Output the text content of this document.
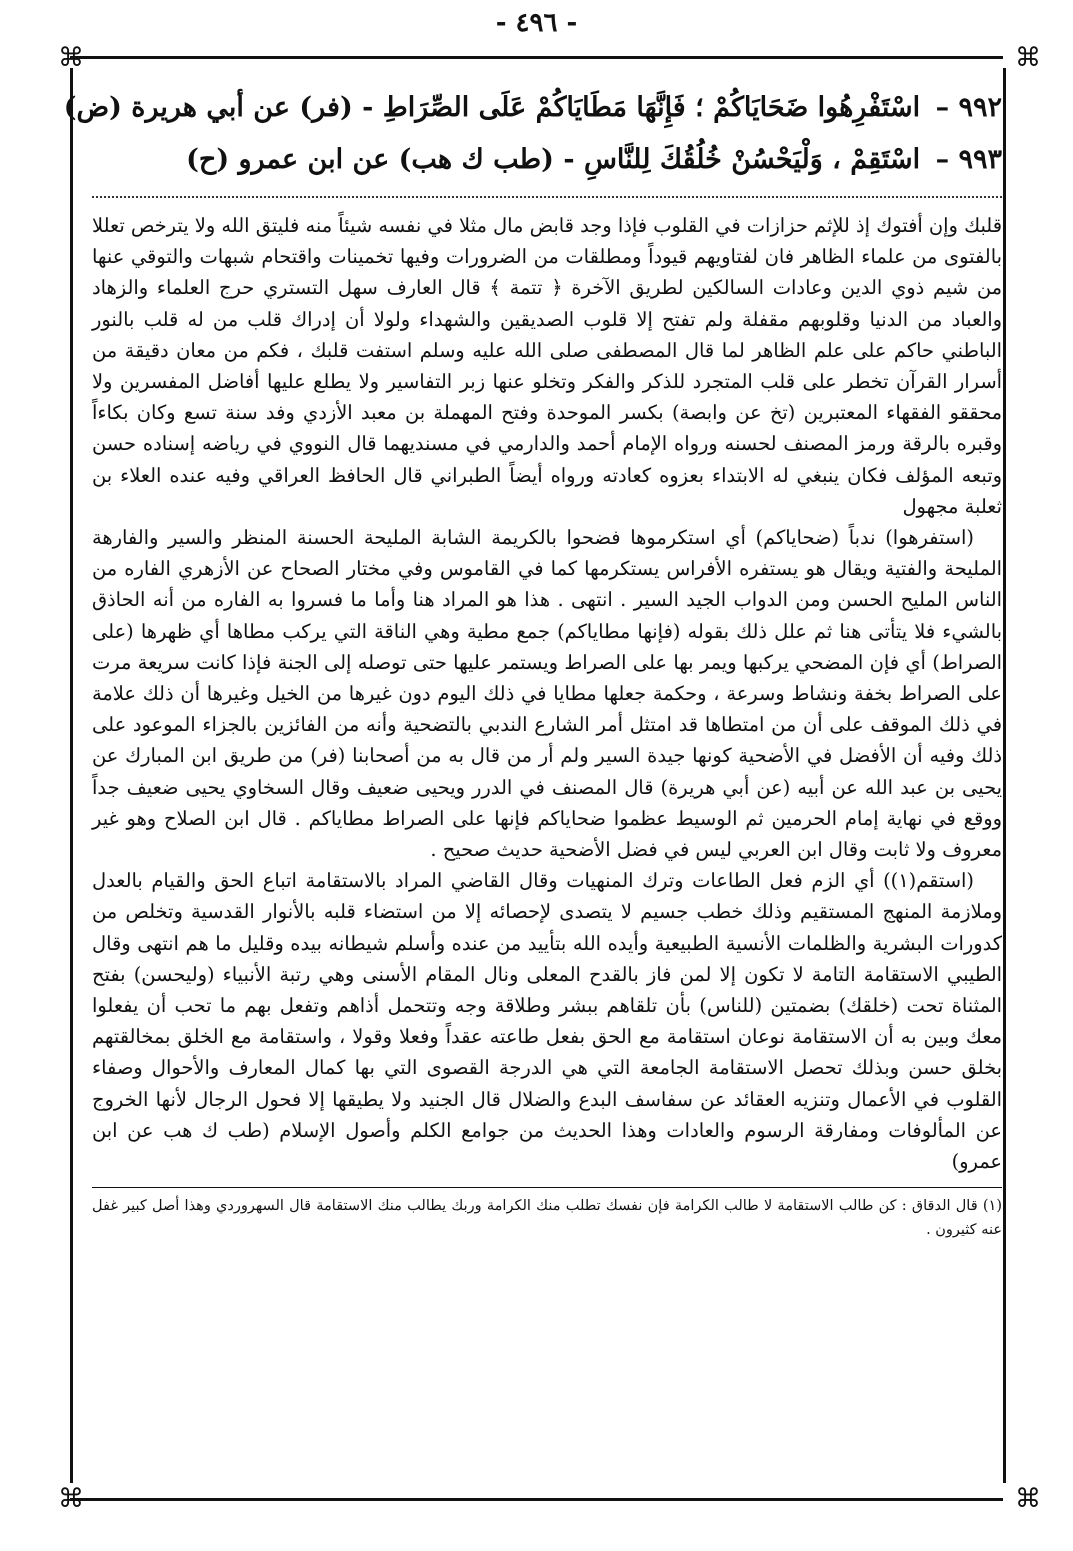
- ٤٩٦ -
⌘	⌘
⌘	⌘
٩٩٢ – اسْتَفْرِهُوا ضَحَايَاكُمْ ؛ فَإِنَّهَا مَطَايَاكُمْ عَلَى الصِّرَاطِ - (فر) عن أبي هريرة (ض)
٩٩٣ – اسْتَقِمْ ، وَلْيَحْسُنْ خُلُقُكَ لِلنَّاسِ - (طب ك هب) عن ابن عمرو (ح)

قلبك وإن أفتوك إذ للإثم حزازات في القلوب فإذا وجد قابض مال مثلا في نفسه شيئاً منه فليتق الله ولا يترخص تعللا بالفتوى من علماء الظاهر فان لفتاويهم قيوداً ومطلقات من الضرورات وفيها تخمينات واقتحام شبهات والتوقي عنها من شيم ذوي الدين وعادات السالكين لطريق الآخرة ﴿ تتمة ﴾ قال العارف سهل التستري حرج العلماء والزهاد والعباد من الدنيا وقلوبهم مقفلة ولم تفتح إلا قلوب الصديقين والشهداء ولولا أن إدراك قلب من له قلب بالنور الباطني حاكم على علم الظاهر لما قال المصطفى صلى الله عليه وسلم استفت قلبك ، فكم من معان دقيقة من أسرار القرآن تخطر على قلب المتجرد للذكر والفكر وتخلو عنها زبر التفاسير ولا يطلع عليها أفاضل المفسرين ولا محققو الفقهاء المعتبرين (تخ عن وابصة) بكسر الموحدة وفتح المهملة بن معبد الأزدي وفد سنة تسع وكان بكاءاً وقبره بالرقة ورمز المصنف لحسنه ورواه الإمام أحمد والدارمي في مسنديهما قال النووي في رياضه إسناده حسن وتبعه المؤلف فكان ينبغي له الابتداء بعزوه كعادته ورواه أيضاً الطبراني قال الحافظ العراقي وفيه عنده العلاء بن ثعلبة مجهول

(استفرهوا) ندباً (ضحاياكم) أي استكرموها فضحوا بالكريمة الشابة المليحة الحسنة المنظر والسير والفارهة المليحة والفتية ويقال هو يستفره الأفراس يستكرمها كما في القاموس وفي مختار الصحاح عن الأزهري الفاره من الناس المليح الحسن ومن الدواب الجيد السير . انتهى . هذا هو المراد هنا وأما ما فسروا به الفاره من أنه الحاذق بالشيء فلا يتأتى هنا ثم علل ذلك بقوله (فإنها مطاياكم) جمع مطية وهي الناقة التي يركب مطاها أي ظهرها (على الصراط) أي فإن المضحي يركبها ويمر بها على الصراط ويستمر عليها حتى توصله إلى الجنة فإذا كانت سريعة مرت على الصراط بخفة ونشاط وسرعة ، وحكمة جعلها مطايا في ذلك اليوم دون غيرها من الخيل وغيرها أن ذلك علامة في ذلك الموقف على أن من امتطاها قد امتثل أمر الشارع الندبي بالتضحية وأنه من الفائزين بالجزاء الموعود على ذلك وفيه أن الأفضل في الأضحية كونها جيدة السير ولم أر من قال به من أصحابنا (فر) من طريق ابن المبارك عن يحيى بن عبد الله عن أبيه (عن أبي هريرة) قال المصنف في الدرر ويحيى ضعيف وقال السخاوي يحيى ضعيف جداً ووقع في نهاية إمام الحرمين ثم الوسيط عظموا ضحاياكم فإنها على الصراط مطاياكم . قال ابن الصلاح وهو غير معروف ولا ثابت وقال ابن العربي ليس في فضل الأضحية حديث صحيح .

(استقم(١)) أي الزم فعل الطاعات وترك المنهيات وقال القاضي المراد بالاستقامة اتباع الحق والقيام بالعدل وملازمة المنهج المستقيم وذلك خطب جسيم لا يتصدى لإحصائه إلا من استضاء قلبه بالأنوار القدسية وتخلص من كدورات البشرية والظلمات الأنسية الطبيعية وأيده الله بتأييد من عنده وأسلم شيطانه بيده وقليل ما هم انتهى وقال الطيبي الاستقامة التامة لا تكون إلا لمن فاز بالقدح المعلى ونال المقام الأسنى وهي رتبة الأنبياء (وليحسن) بفتح المثناة تحت (خلقك) بضمتين (للناس) بأن تلقاهم ببشر وطلاقة وجه وتتحمل أذاهم وتفعل بهم ما تحب أن يفعلوا معك وبين به أن الاستقامة نوعان استقامة مع الحق بفعل طاعته عقداً وفعلا وقولا ، واستقامة مع الخلق بمخالقتهم بخلق حسن وبذلك تحصل الاستقامة الجامعة التي هي الدرجة القصوى التي بها كمال المعارف والأحوال وصفاء القلوب في الأعمال وتنزيه العقائد عن سفاسف البدع والضلال قال الجنيد ولا يطيقها إلا فحول الرجال لأنها الخروج عن المألوفات ومفارقة الرسوم والعادات وهذا الحديث من جوامع الكلم وأصول الإسلام (طب ك هب عن ابن عمرو)

(١) قال الدقاق : كن طالب الاستقامة لا طالب الكرامة فإن نفسك تطلب منك الكرامة وربك يطالب منك الاستقامة قال السهروردي وهذا أصل كبير غفل عنه كثيرون .
